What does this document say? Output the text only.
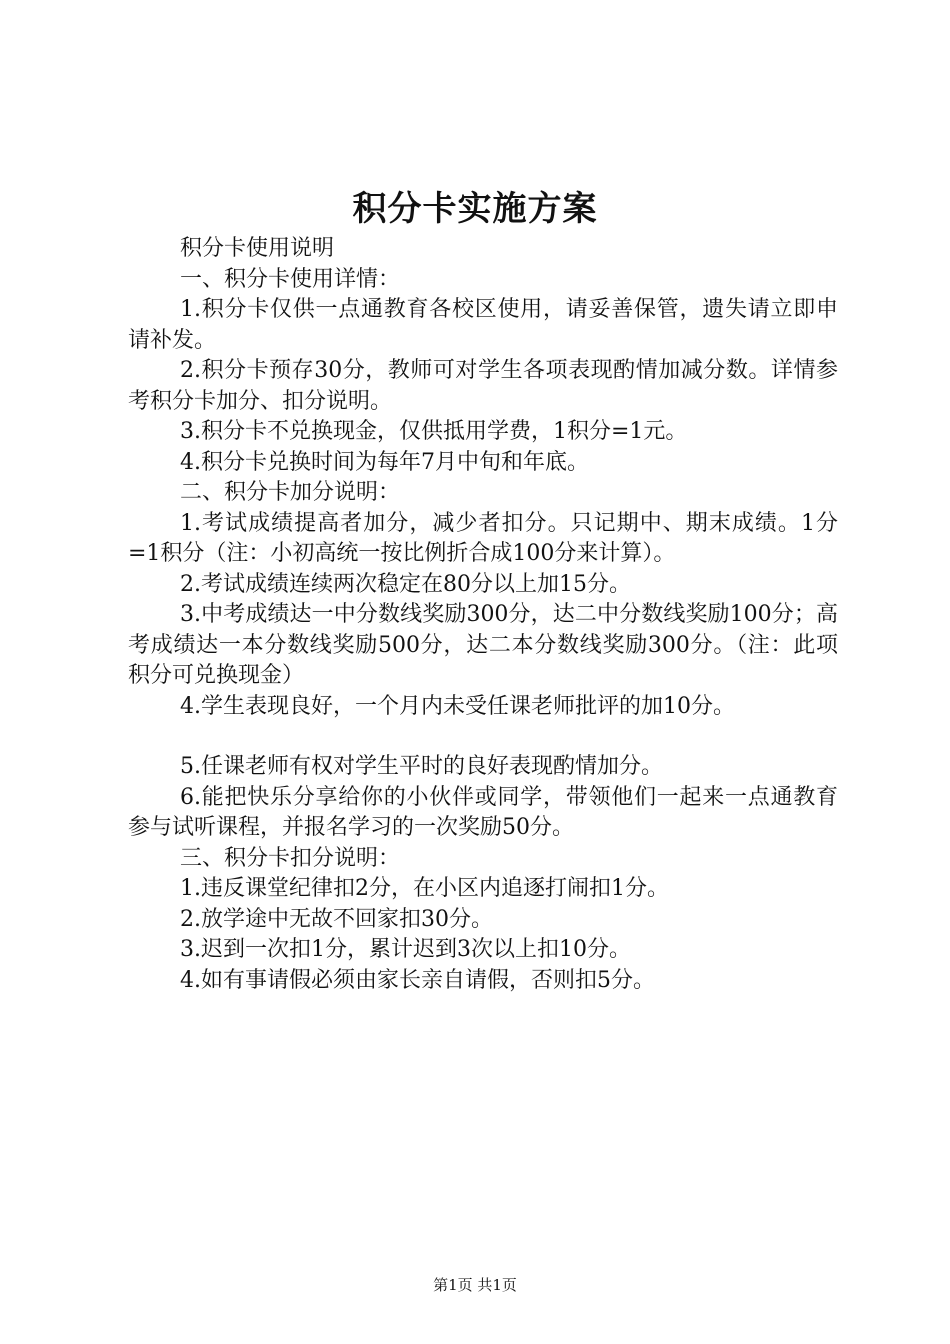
积分卡实施方案

积分卡使用说明

一、积分卡使用详情：

1.积分卡仅供一点通教育各校区使用，请妥善保管，遗失请立即申请补发。

2.积分卡预存30分，教师可对学生各项表现酌情加减分数。详情参考积分卡加分、扣分说明。

3.积分卡不兑换现金，仅供抵用学费，1积分=1元。

4.积分卡兑换时间为每年7月中旬和年底。

二、积分卡加分说明：

1.考试成绩提高者加分，减少者扣分。只记期中、期末成绩。1分=1积分（注：小初高统一按比例折合成100分来计算）。

2.考试成绩连续两次稳定在80分以上加15分。

3.中考成绩达一中分数线奖励300分，达二中分数线奖励100分；高考成绩达一本分数线奖励500分，达二本分数线奖励300分。（注：此项积分可兑换现金）

4.学生表现良好，一个月内未受任课老师批评的加10分。

5.任课老师有权对学生平时的良好表现酌情加分。

6.能把快乐分享给你的小伙伴或同学，带领他们一起来一点通教育参与试听课程，并报名学习的一次奖励50分。

三、积分卡扣分说明：

1.违反课堂纪律扣2分，在小区内追逐打闹扣1分。

2.放学途中无故不回家扣30分。

3.迟到一次扣1分，累计迟到3次以上扣10分。

4.如有事请假必须由家长亲自请假，否则扣5分。

第1页 共1页
